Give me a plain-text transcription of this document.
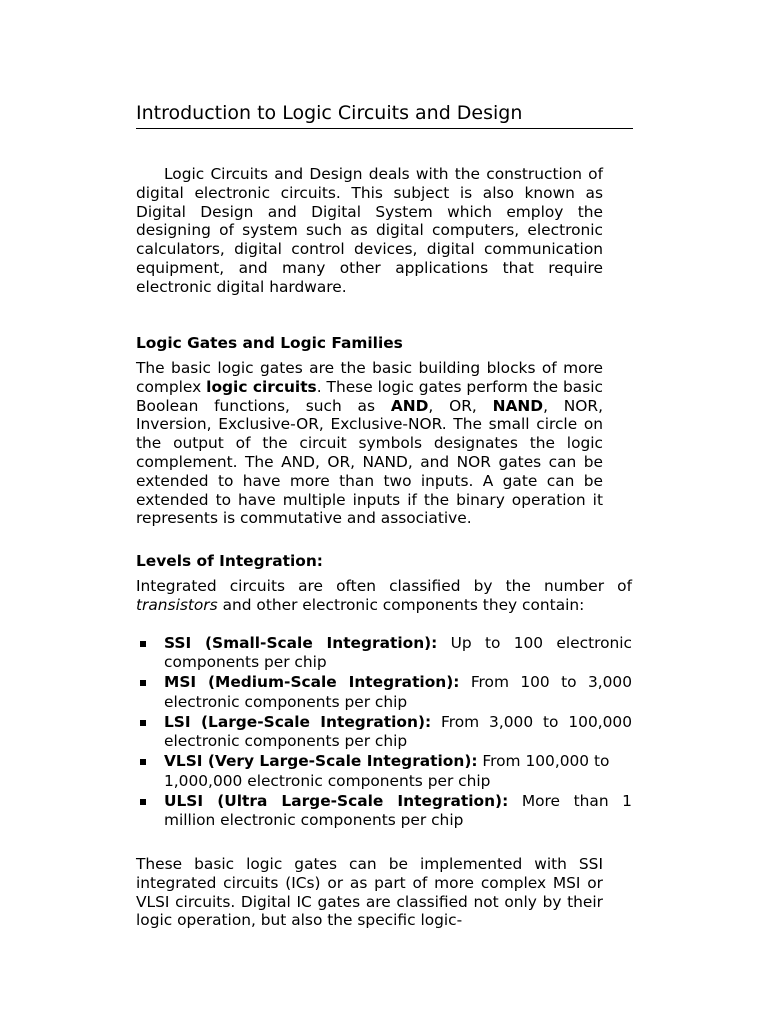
Introduction to Logic Circuits and Design

Logic Circuits and Design deals with the construction of digital electronic circuits. This subject is also known as Digital Design and Digital System which employ the designing of system such as digital computers, electronic calculators, digital control devices, digital communication equipment, and many other applications that require electronic digital hardware.

Logic Gates and Logic Families

The basic logic gates are the basic building blocks of more complex logic circuits. These logic gates perform the basic Boolean functions, such as AND, OR, NAND, NOR, Inversion, Exclusive-OR, Exclusive-NOR. The small circle on the output of the circuit symbols designates the logic complement. The AND, OR, NAND, and NOR gates can be extended to have more than two inputs. A gate can be extended to have multiple inputs if the binary operation it represents is commutative and associative.

Levels of Integration:

Integrated circuits are often classified by the number of transistors and other electronic components they contain:

SSI (Small-Scale Integration): Up to 100 electronic components per chip
MSI (Medium-Scale Integration): From 100 to 3,000 electronic components per chip
LSI (Large-Scale Integration): From 3,000 to 100,000 electronic components per chip
VLSI (Very Large-Scale Integration): From 100,000 to
1,000,000 electronic components per chip
ULSI (Ultra Large-Scale Integration): More than 1 million electronic components per chip

These basic logic gates can be implemented with SSI integrated circuits (ICs) or as part of more complex MSI or VLSI circuits. Digital IC gates are classified not only by their logic operation, but also the specific logic-
